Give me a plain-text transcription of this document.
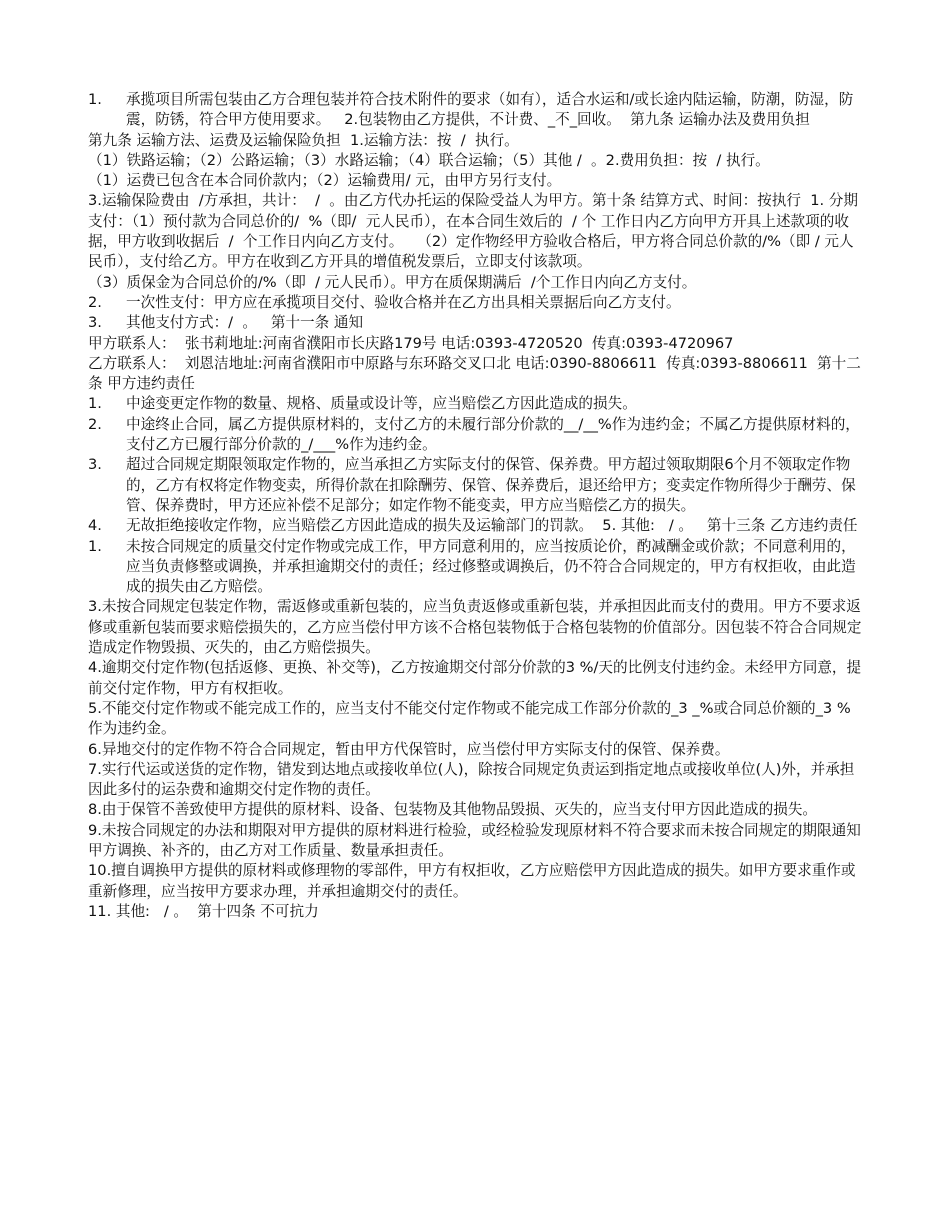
1.	承揽项目所需包装由乙方合理包装并符合技术附件的要求（如有），适合水运和/或长途内陆运输，防潮，防湿，防震，防锈，符合甲方使用要求。   2.包装物由乙方提供，不计费、_不_回收。  第九条 运输办法及费用负担

第九条 运输方法、运费及运输保险负担  1.运输方法：按  /  执行。

（1）铁路运输；（2）公路运输；（3）水路运输；（4）联合运输；（5）其他 /  。2.费用负担：按  / 执行。

（1）运费已包含在本合同价款内；（2）运输费用/ 元，由甲方另行支付。

3.运输保险费由  /方承担，共计：  /  。由乙方代办托运的保险受益人为甲方。第十条 结算方式、时间：按执行  1. 分期支付：（1）预付款为合同总价的/  %（即/  元人民币），在本合同生效后的  / 个 工作日内乙方向甲方开具上述款项的收据，甲方收到收据后  /  个工作日内向乙方支付。   （2）定作物经甲方验收合格后，甲方将合同总价款的/%（即 / 元人民币），支付给乙方。甲方在收到乙方开具的增值税发票后，立即支付该款项。

（3）质保金为合同总价的/%（即  / 元人民币）。甲方在质保期满后  /个工作日内向乙方支付。

2.	一次性支付：甲方应在承揽项目交付、验收合格并在乙方出具相关票据后向乙方支付。
3.	其他支付方式：/  。   第十一条 通知

甲方联系人：  张书莉地址:河南省濮阳市长庆路179号 电话:0393-4720520  传真:0393-4720967

乙方联系人：  刘恩洁地址:河南省濮阳市中原路与东环路交叉口北 电话:0390-8806611  传真:0393-8806611  第十二条 甲方违约责任

1.	中途变更定作物的数量、规格、质量或设计等，应当赔偿乙方因此造成的损失。
2.	中途终止合同，属乙方提供原材料的，支付乙方的未履行部分价款的__/__%作为违约金；不属乙方提供原材料的，支付乙方已履行部分价款的_/___%作为违约金。
3.	超过合同规定期限领取定作物的，应当承担乙方实际支付的保管、保养费。甲方超过领取期限6个月不领取定作物的，乙方有权将定作物变卖，所得价款在扣除酬劳、保管、保养费后，退还给甲方；变卖定作物所得少于酬劳、保管、保养费时，甲方还应补偿不足部分；如定作物不能变卖，甲方应当赔偿乙方的损失。
4.	无故拒绝接收定作物，应当赔偿乙方因此造成的损失及运输部门的罚款。  5. 其他:   / 。   第十三条 乙方违约责任
1.	未按合同规定的质量交付定作物或完成工作，甲方同意利用的，应当按质论价，酌减酬金或价款；不同意利用的，应当负责修整或调换，并承担逾期交付的责任；经过修整或调换后，仍不符合合同规定的，甲方有权拒收，由此造成的损失由乙方赔偿。

3.未按合同规定包装定作物，需返修或重新包装的，应当负责返修或重新包装，并承担因此而支付的费用。甲方不要求返修或重新包装而要求赔偿损失的，乙方应当偿付甲方该不合格包装物低于合格包装物的价值部分。因包装不符合合同规定造成定作物毁损、灭失的，由乙方赔偿损失。

4.逾期交付定作物(包括返修、更换、补交等)，乙方按逾期交付部分价款的3 %/天的比例支付违约金。未经甲方同意，提前交付定作物，甲方有权拒收。

5.不能交付定作物或不能完成工作的，应当支付不能交付定作物或不能完成工作部分价款的_3 _%或合同总价额的_3 %作为违约金。

6.异地交付的定作物不符合合同规定，暂由甲方代保管时，应当偿付甲方实际支付的保管、保养费。

7.实行代运或送货的定作物，错发到达地点或接收单位(人)，除按合同规定负责运到指定地点或接收单位(人)外，并承担因此多付的运杂费和逾期交付定作物的责任。

8.由于保管不善致使甲方提供的原材料、设备、包装物及其他物品毁损、灭失的，应当支付甲方因此造成的损失。

9.未按合同规定的办法和期限对甲方提供的原材料进行检验，或经检验发现原材料不符合要求而未按合同规定的期限通知甲方调换、补齐的，由乙方对工作质量、数量承担责任。

10.擅自调换甲方提供的原材料或修理物的零部件，甲方有权拒收，乙方应赔偿甲方因此造成的损失。如甲方要求重作或重新修理，应当按甲方要求办理，并承担逾期交付的责任。

11. 其他:   / 。  第十四条 不可抗力
